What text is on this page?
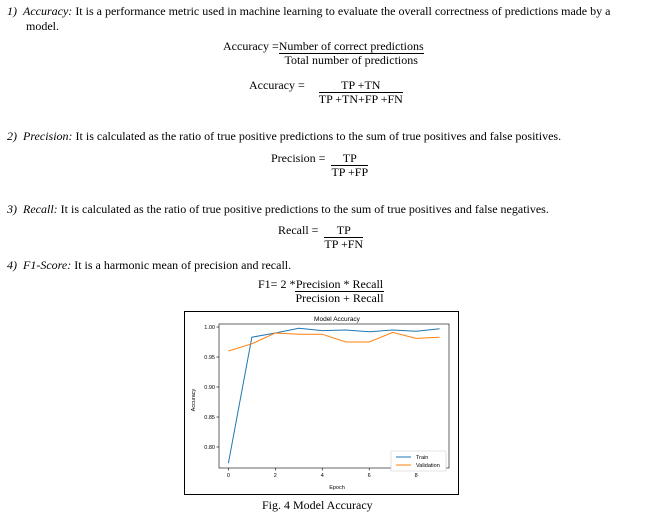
1) Accuracy: It is a performance metric used in machine learning to evaluate the overall correctness of predictions made by a
model.
Accuracy = Number of correct predictions
Total number of predictions
Accuracy =	TP +TN
TP +TN+FP +FN
2) Precision: It is calculated as the ratio of true positive predictions to the sum of true positives and false positives.
Precision = TP
TP +FP
3) Recall: It is calculated as the ratio of true positive predictions to the sum of true positives and false negatives.
Recall = TP
TP +FN
4) F1-Score: It is a harmonic mean of precision and recall.
F1= 2 * Precision * Recall
Precision + Recall
Model Accuracy
0.80
0.85
0.90
0.95
1.00
0	2	4	6	8
Accuracy
Epoch
Train
Validation
Fig. 4 Model Accuracy
